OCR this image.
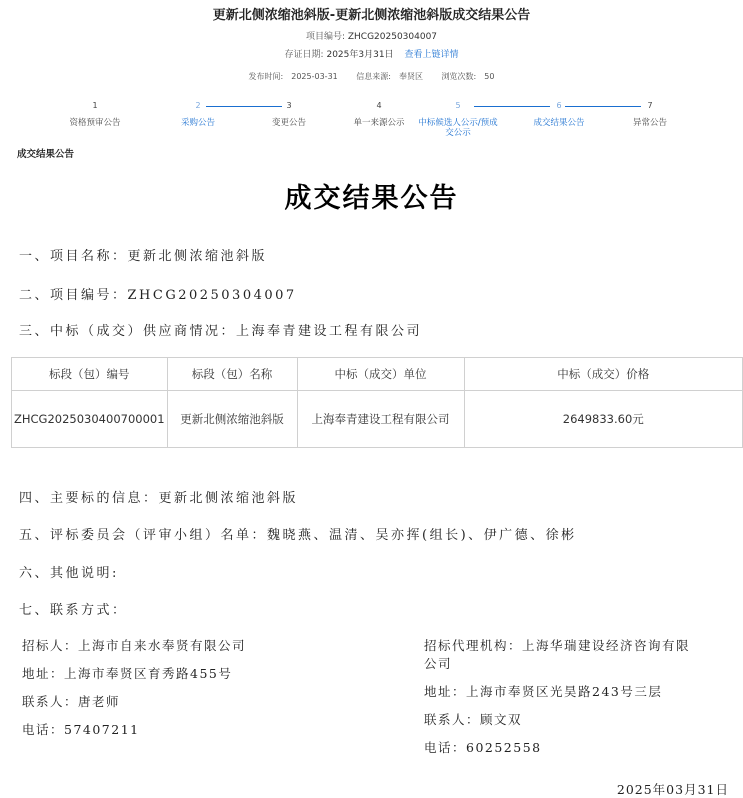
更新北侧浓缩池斜版-更新北侧浓缩池斜版成交结果公告
项目编号: ZHCG20250304007
存证日期: 2025年3月31日 查看上链详情
发布时间: 2025-03-31 信息来源: 奉贤区 浏览次数: 50
1
资格预审公告
2
采购公告
3
变更公告
4
单一来源公示
5
中标候选人公示/预成交公示
6
成交结果公告
7
异常公告
成交结果公告
成交结果公告
一、项目名称：更新北侧浓缩池斜版
二、项目编号：ZHCG20250304007
三、中标（成交）供应商情况：上海奉青建设工程有限公司
标段（包）编号	标段（包）名称	中标（成交）单位	中标（成交）价格
ZHCG2025030400700001	更新北侧浓缩池斜版	上海奉青建设工程有限公司	2649833.60元
四、主要标的信息：更新北侧浓缩池斜版
五、评标委员会（评审小组）名单：魏晓燕、温清、吴亦挥(组长)、伊广德、徐彬
六、其他说明:
七、联系方式：
招标人：上海市自来水奉贤有限公司
地址：上海市奉贤区育秀路455号
联系人：唐老师
电话：57407211
招标代理机构：上海华瑞建设经济咨询有限
公司
地址：上海市奉贤区光昊路243号三层
联系人：顾文双
电话：60252558
2025年03月31日
